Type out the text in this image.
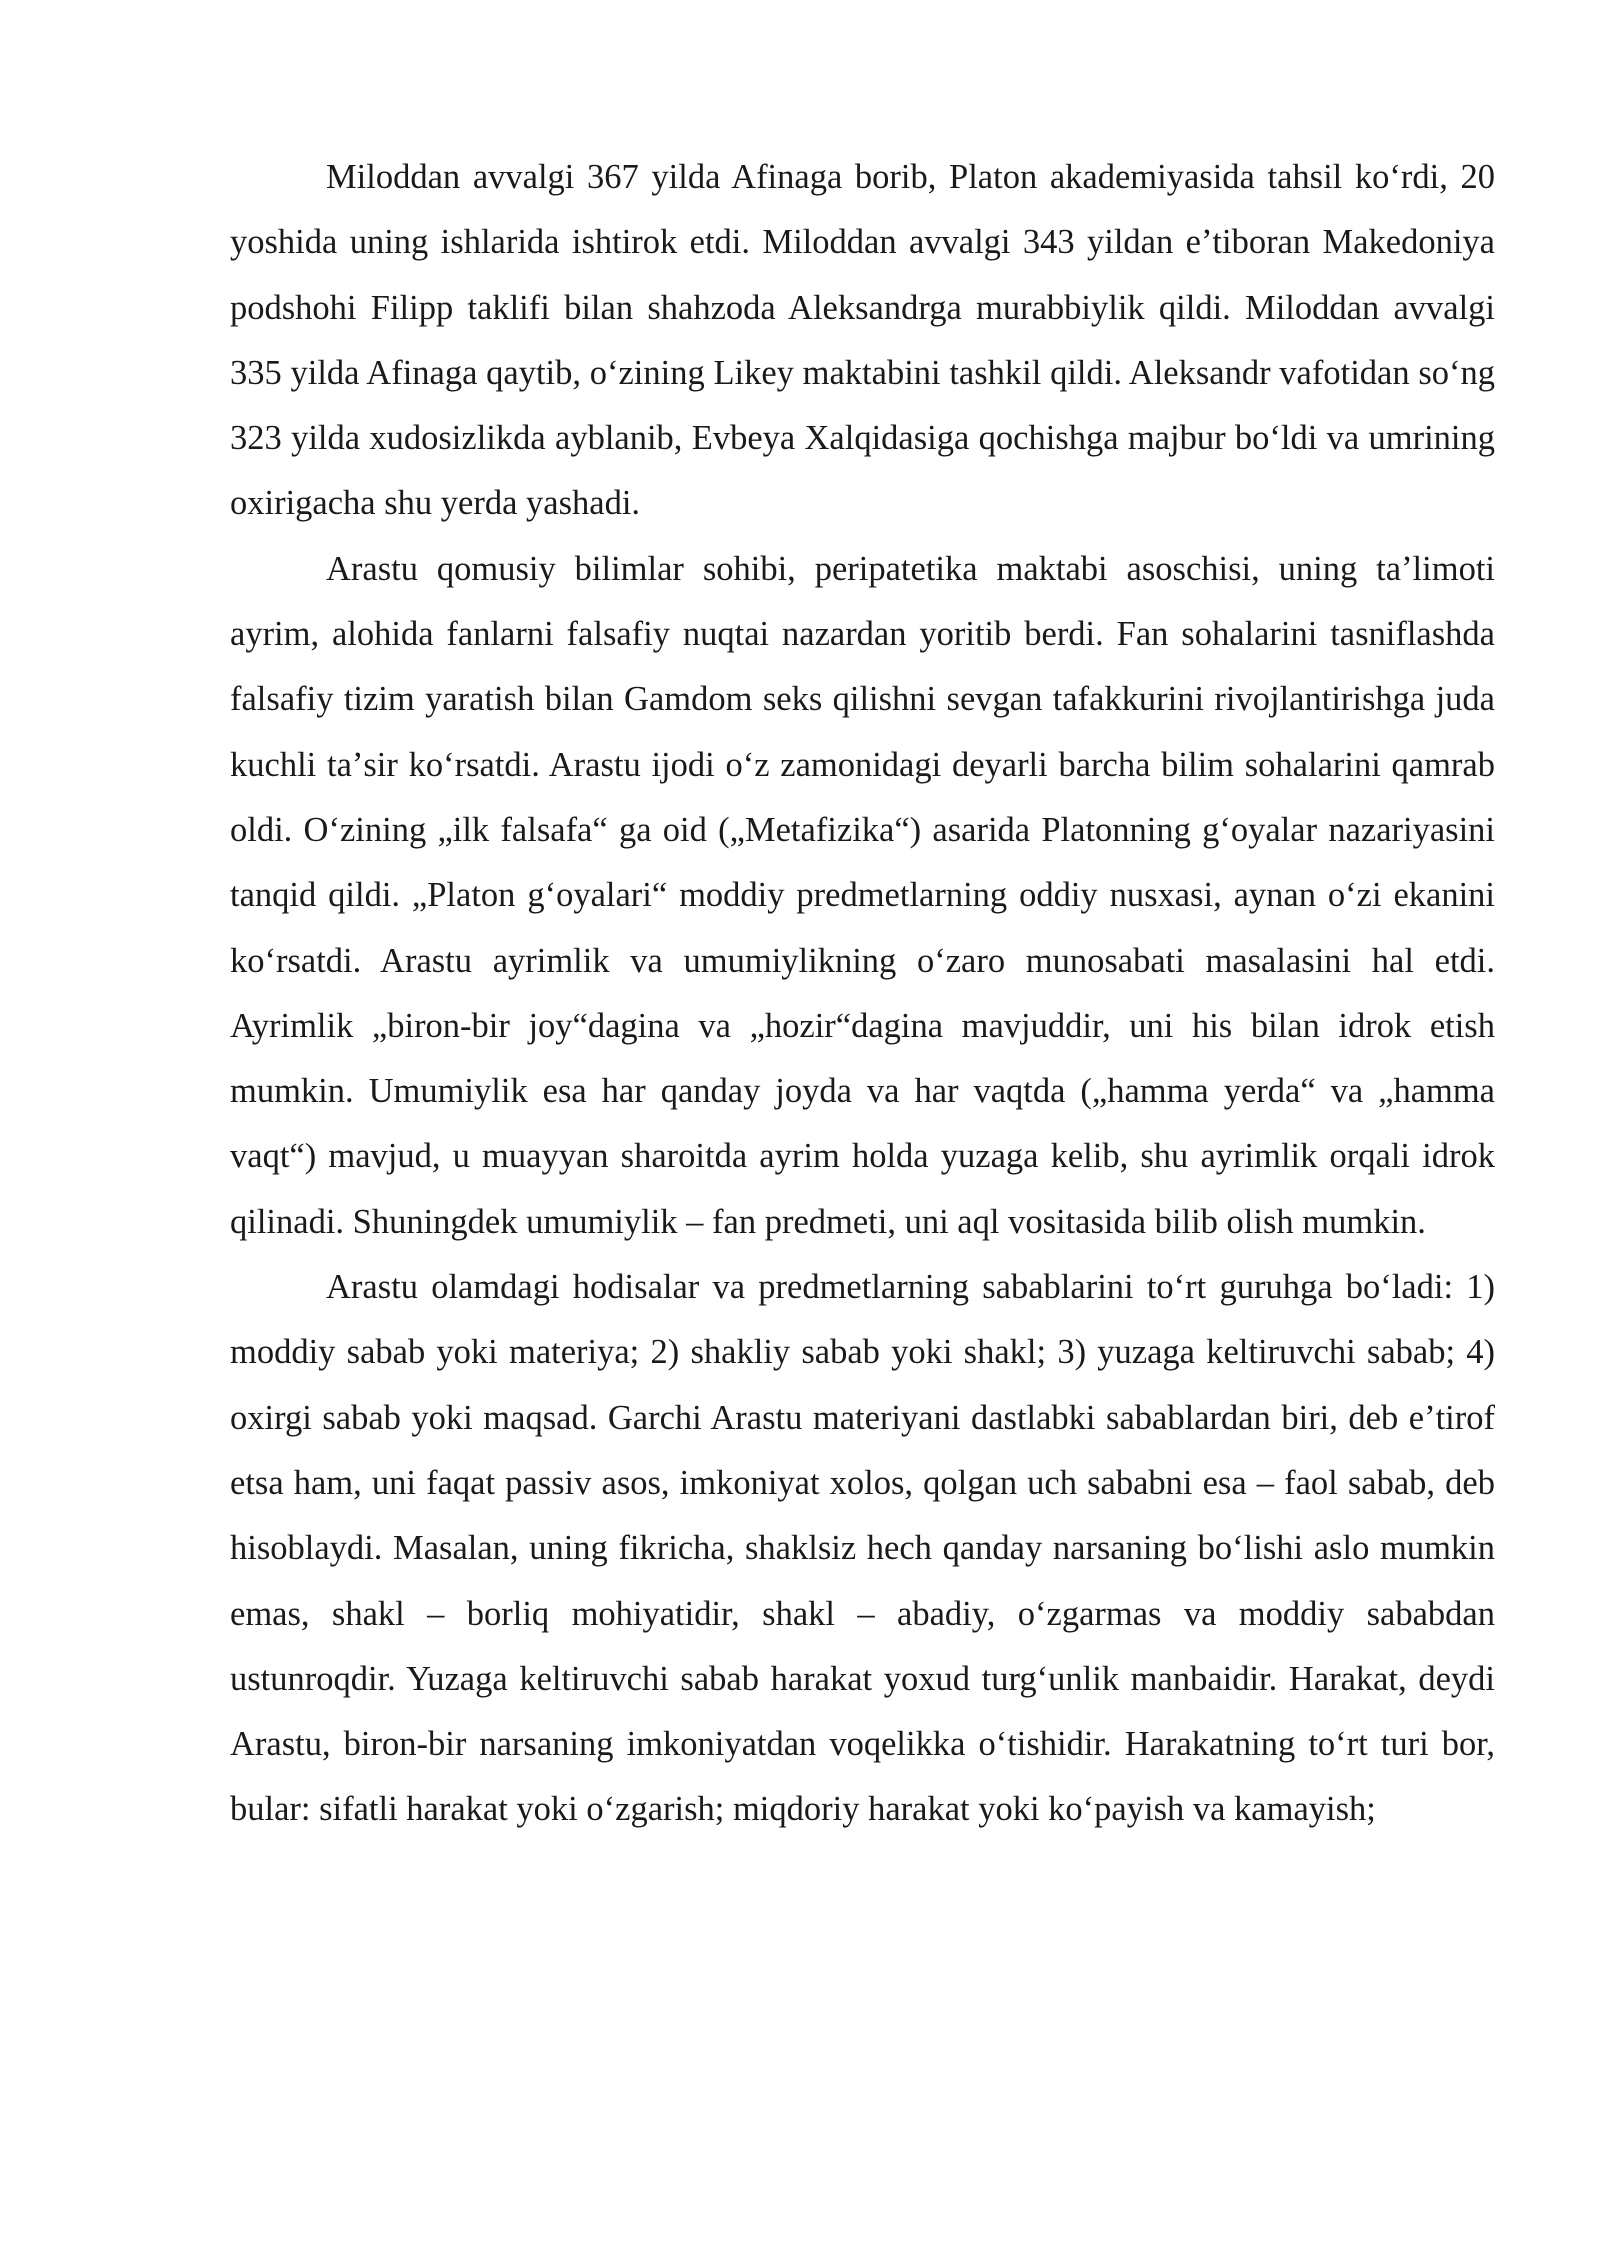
Miloddan avvalgi 367 yilda Afinaga borib, Platon akademiyasida tahsil koʻrdi, 20 yoshida uning ishlarida ishtirok etdi. Miloddan avvalgi 343 yildan eʼtiboran Makedoniya podshohi Filipp taklifi bilan shahzoda Aleksandrga murabbiylik qildi. Miloddan avvalgi 335 yilda Afinaga qaytib, oʻzining Likey maktabini tashkil qildi. Aleksandr vafotidan soʻng 323 yilda xudosizlikda ayblanib, Evbeya Xalqidasiga qochishga majbur boʻldi va umrining oxirigacha shu yerda yashadi.

Arastu qomusiy bilimlar sohibi, peripatetika maktabi asoschisi, uning taʼlimoti ayrim, alohida fanlarni falsafiy nuqtai nazardan yoritib berdi. Fan sohalarini tasniflashda falsafiy tizim yaratish bilan Gamdom seks qilishni sevgan tafakkurini rivojlantirishga juda kuchli taʼsir koʻrsatdi. Arastu ijodi oʻz zamonidagi deyarli barcha bilim sohalarini qamrab oldi. Oʻzining „ilk falsafa“ ga oid („Metafizika“) asarida Platonning gʻoyalar nazariyasini tanqid qildi. „Platon gʻoyalari“ moddiy predmetlarning oddiy nusxasi, aynan oʻzi ekanini koʻrsatdi. Arastu ayrimlik va umumiylikning oʻzaro munosabati masalasini hal etdi. Ayrimlik „biron-bir joy“dagina va „hozir“dagina mavjuddir, uni his bilan idrok etish mumkin. Umumiylik esa har qanday joyda va har vaqtda („hamma yerda“ va „hamma vaqt“) mavjud, u muayyan sharoitda ayrim holda yuzaga kelib, shu ayrimlik orqali idrok qilinadi. Shuningdek umumiylik – fan predmeti, uni aql vositasida bilib olish mumkin.

Arastu olamdagi hodisalar va predmetlarning sabablarini toʻrt guruhga boʻladi: 1) moddiy sabab yoki materiya; 2) shakliy sabab yoki shakl; 3) yuzaga keltiruvchi sabab; 4) oxirgi sabab yoki maqsad. Garchi Arastu materiyani dastlabki sabablardan biri, deb eʼtirof etsa ham, uni faqat passiv asos, imkoniyat xolos, qolgan uch sababni esa – faol sabab, deb hisoblaydi. Masalan, uning fikricha, shaklsiz hech qanday narsaning boʻlishi aslo mumkin emas, shakl – borliq mohiyatidir, shakl – abadiy, oʻzgarmas va moddiy sababdan ustunroqdir. Yuzaga keltiruvchi sabab harakat yoxud turgʻunlik manbaidir. Harakat, deydi Arastu, biron-bir narsaning imkoniyatdan voqelikka oʻtishidir. Harakatning toʻrt turi bor, bular: sifatli harakat yoki oʻzgarish; miqdoriy harakat yoki koʻpayish va kamayish;
